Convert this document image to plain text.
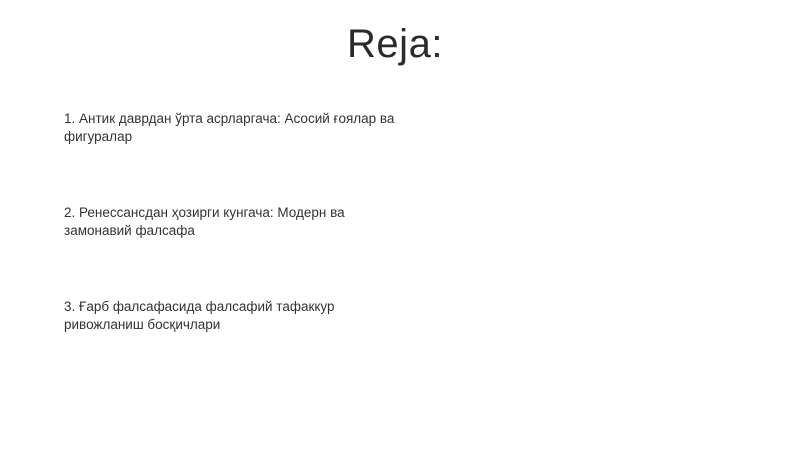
Reja:
1. Антик даврдан ўрта асрларгача: Асосий ғоялар ва фигуралар
2. Ренессансдан ҳозирги кунгача: Модерн ва замонавий фалсафа
3. Ғарб фалсафасида фалсафий тафаккур ривожланиш босқичлари
